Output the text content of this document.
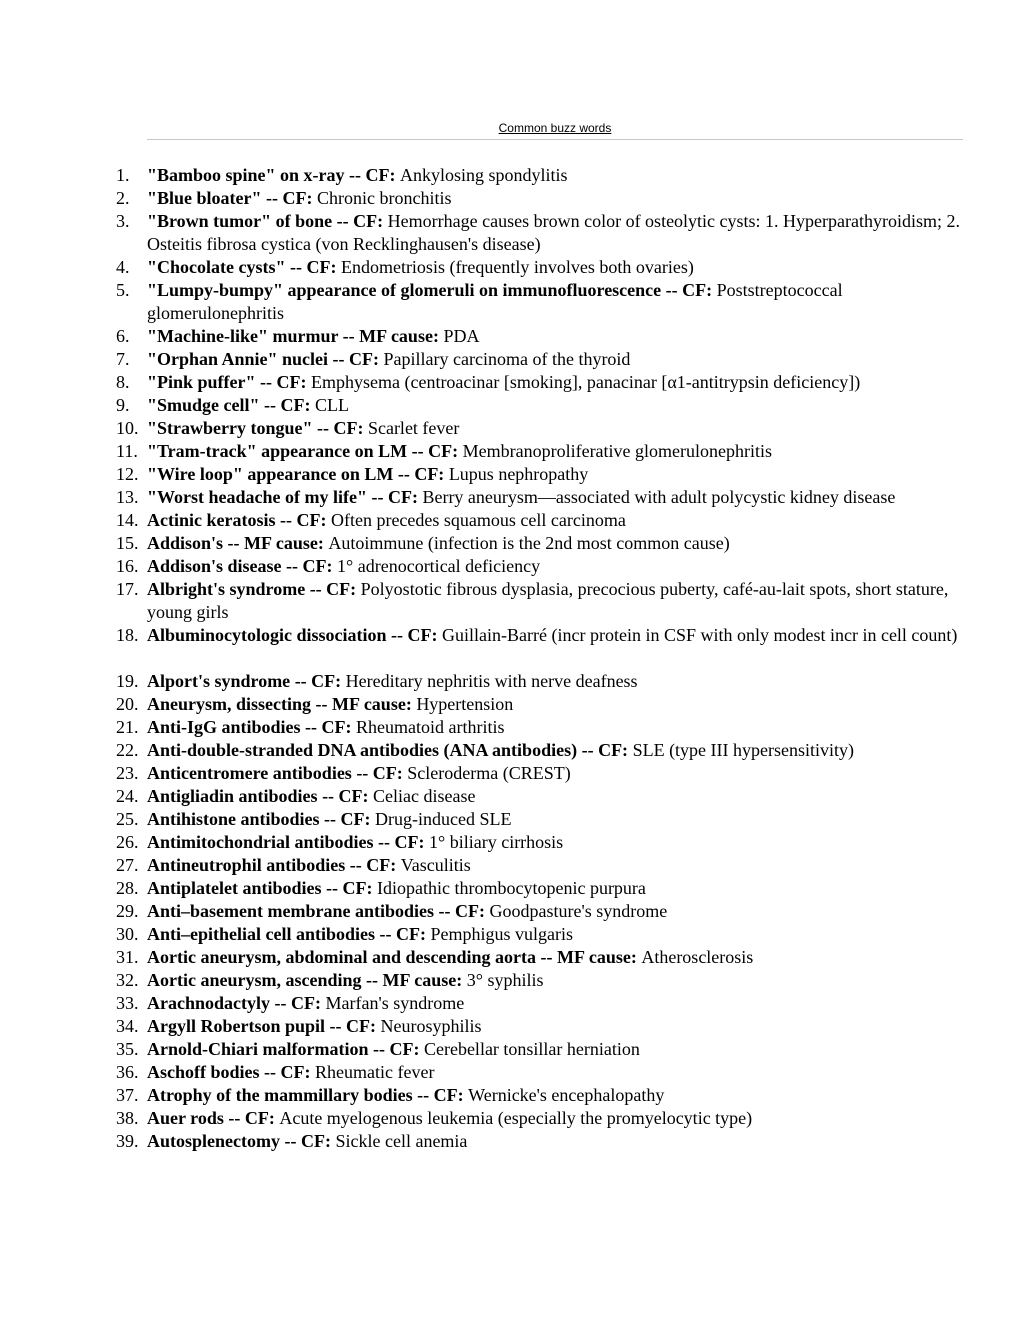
Common buzz words
1. "Bamboo spine" on x-ray -- CF: Ankylosing spondylitis
2. "Blue bloater" -- CF: Chronic bronchitis
3. "Brown tumor" of bone -- CF: Hemorrhage causes brown color of osteolytic cysts: 1. Hyperparathyroidism; 2. Osteitis fibrosa cystica (von Recklinghausen's disease)
4. "Chocolate cysts" -- CF: Endometriosis (frequently involves both ovaries)
5. "Lumpy-bumpy" appearance of glomeruli on immunofluorescence -- CF: Poststreptococcal glomerulonephritis
6. "Machine-like" murmur -- MF cause: PDA
7. "Orphan Annie" nuclei -- CF: Papillary carcinoma of the thyroid
8. "Pink puffer" -- CF: Emphysema (centroacinar [smoking], panacinar [α1-antitrypsin deficiency])
9. "Smudge cell" -- CF: CLL
10. "Strawberry tongue" -- CF: Scarlet fever
11. "Tram-track" appearance on LM -- CF: Membranoproliferative glomerulonephritis
12. "Wire loop" appearance on LM -- CF: Lupus nephropathy
13. "Worst headache of my life" -- CF: Berry aneurysm—associated with adult polycystic kidney disease
14. Actinic keratosis -- CF: Often precedes squamous cell carcinoma
15. Addison's -- MF cause: Autoimmune (infection is the 2nd most common cause)
16. Addison's disease -- CF: 1° adrenocortical deficiency
17. Albright's syndrome -- CF: Polyostotic fibrous dysplasia, precocious puberty, café-au-lait spots, short stature, young girls
18. Albuminocytologic dissociation -- CF: Guillain-Barré (incr protein in CSF with only modest incr in cell count)
19. Alport's syndrome -- CF: Hereditary nephritis with nerve deafness
20. Aneurysm, dissecting -- MF cause: Hypertension
21. Anti-IgG antibodies -- CF: Rheumatoid arthritis
22. Anti-double-stranded DNA antibodies (ANA antibodies) -- CF: SLE (type III hypersensitivity)
23. Anticentromere antibodies -- CF: Scleroderma (CREST)
24. Antigliadin antibodies -- CF: Celiac disease
25. Antihistone antibodies -- CF: Drug-induced SLE
26. Antimitochondrial antibodies -- CF: 1° biliary cirrhosis
27. Antineutrophil antibodies -- CF: Vasculitis
28. Antiplatelet antibodies -- CF: Idiopathic thrombocytopenic purpura
29. Anti–basement membrane antibodies -- CF: Goodpasture's syndrome
30. Anti–epithelial cell antibodies -- CF: Pemphigus vulgaris
31. Aortic aneurysm, abdominal and descending aorta -- MF cause: Atherosclerosis
32. Aortic aneurysm, ascending -- MF cause: 3° syphilis
33. Arachnodactyly -- CF: Marfan's syndrome
34. Argyll Robertson pupil -- CF: Neurosyphilis
35. Arnold-Chiari malformation -- CF: Cerebellar tonsillar herniation
36. Aschoff bodies -- CF: Rheumatic fever
37. Atrophy of the mammillary bodies -- CF: Wernicke's encephalopathy
38. Auer rods -- CF: Acute myelogenous leukemia (especially the promyelocytic type)
39. Autosplenectomy -- CF: Sickle cell anemia
